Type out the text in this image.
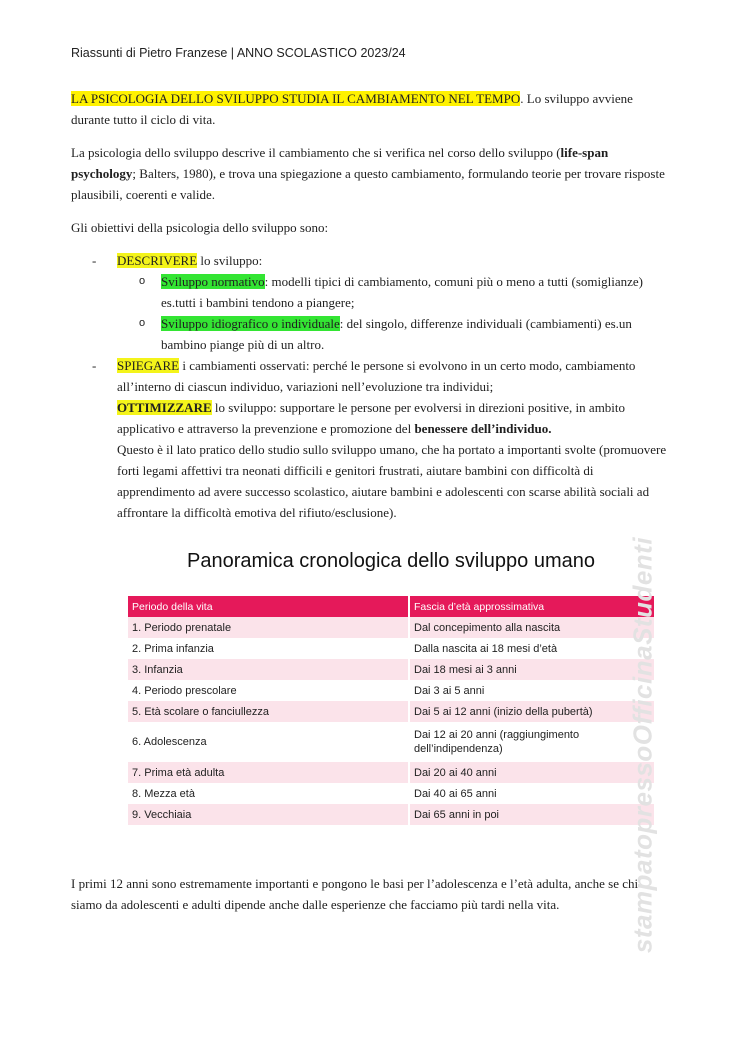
Riassunti di Pietro Franzese | ANNO SCOLASTICO 2023/24

LA PSICOLOGIA DELLO SVILUPPO STUDIA IL CAMBIAMENTO NEL TEMPO. Lo sviluppo avviene durante tutto il ciclo di vita.

La psicologia dello sviluppo descrive il cambiamento che si verifica nel corso dello sviluppo (life-span psychology; Balters, 1980), e trova una spiegazione a questo cambiamento, formulando teorie per trovare risposte plausibili, coerenti e valide.

Gli obiettivi della psicologia dello sviluppo sono:

- DESCRIVERE lo sviluppo:
o Sviluppo normativo: modelli tipici di cambiamento, comuni più o meno a tutti (somiglianze) es.tutti i bambini tendono a piangere;
o Sviluppo idiografico o individuale: del singolo, differenze individuali (cambiamenti) es.un bambino piange più di un altro.
- SPIEGARE i cambiamenti osservati: perché le persone si evolvono in un certo modo, cambiamento all’interno di ciascun individuo, variazioni nell’evoluzione tra individui;
OTTIMIZZARE lo sviluppo: supportare le persone per evolversi in direzioni positive, in ambito applicativo e attraverso la prevenzione e promozione del benessere dell’individuo.
Questo è il lato pratico dello studio sullo sviluppo umano, che ha portato a importanti svolte (promuovere forti legami affettivi tra neonati difficili e genitori frustrati, aiutare bambini con difficoltà di apprendimento ad avere successo scolastico, aiutare bambini e adolescenti con scarse abilità sociali ad affrontare la difficoltà emotiva del rifiuto/esclusione).
Panoramica cronologica dello sviluppo umano
Periodo della vita	Fascia d’età approssimativa
1. Periodo prenatale	Dal concepimento alla nascita
2. Prima infanzia	Dalla nascita ai 18 mesi d’età
3. Infanzia	Dai 18 mesi ai 3 anni
4. Periodo prescolare	Dai 3 ai 5 anni
5. Età scolare o fanciullezza	Dai 5 ai 12 anni (inizio della pubertà)
6. Adolescenza	Dai 12 ai 20 anni (raggiungimento dell’indipendenza)
7. Prima età adulta	Dai 20 ai 40 anni
8. Mezza età	Dai 40 ai 65 anni
9. Vecchiaia	Dai 65 anni in poi

I primi 12 anni sono estremamente importanti e pongono le basi per l’adolescenza e l’età adulta, anche se chi siamo da adolescenti e adulti dipende anche dalle esperienze che facciamo più tardi nella vita.	stampatopressoOfficinaStudenti
